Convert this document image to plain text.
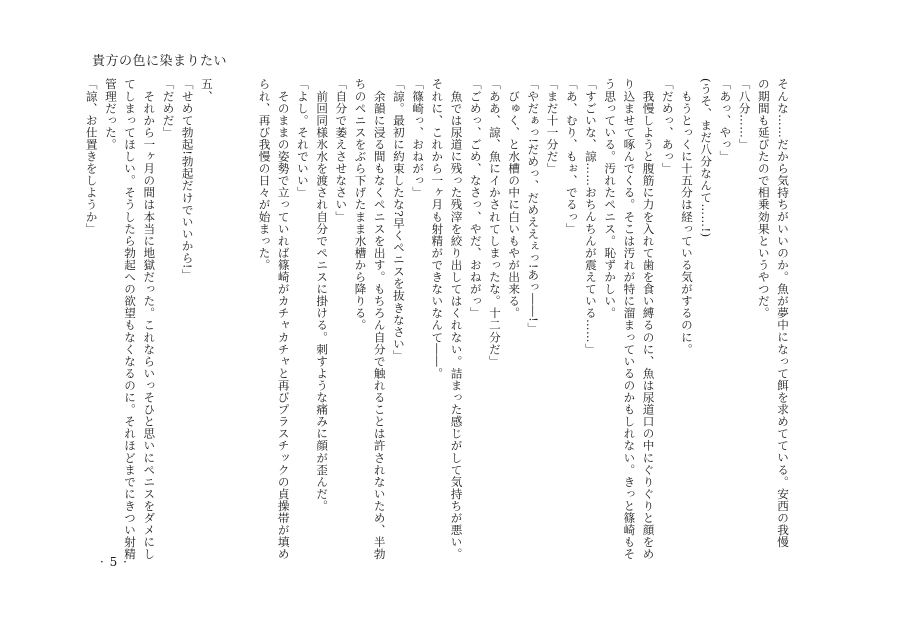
貴方の色に染まりたい
そんな……だから気持ちがいいのか。魚が夢中になって餌を求めてている。安西の我慢
の期間も延びたので相乗効果というやつだ。
「八分……」
「あっ、やっ」
(うそ、まだ八分なんて……!)
　もうとっくに十五分は経っている気がするのに。
「だめっ、あっ」
　我慢しようと腹筋に力を入れて歯を食い縛るのに、魚は尿道口の中にぐりぐりと顔をめ
り込ませて啄んでくる。そこは汚れが特に溜まっているのかもしれない。きっと篠崎もそ
う思っている。汚れたペニス。恥ずかしい。
「すごいな、諒……おちんちんが震えている……」
「あ、むり、もぉ、でるっ」
「まだ十一分だ」
「やだぁっ!だめっ、だめええぇっ!あっ――!」
　びゅく、と水槽の中に白いもやが出来る。
「ああ、諒、魚にイかされてしまったな。十二分だ」
「ごめっ、ごめ、なさっ、やだ、おねがっ」
　魚では尿道に残った残滓を絞り出してはくれない。詰まった感じがして気持ちが悪い。
それに、これから一ヶ月も射精ができないなんて――。
「篠崎っ、おねがっ」
「諒。最初に約束したな?早くペニスを抜きなさい」
　余韻に浸る間もなくペニスを出す。もちろん自分で触れることは許されないため、半勃
ちのペニスをぶら下げたまま水槽から降りる。
「自分で萎えさせなさい」
　前回同様氷水を渡され自分でペニスに掛ける。刺すような痛みに顔が歪んだ。
「よし。それでいい」
　そのままの姿勢で立っていれば篠崎がカチャカチャと再びプラスチックの貞操帯が填め
られ、再び我慢の日々が始まった。

五、
「せめて勃起!勃起だけでいいから!」
「だめだ」
　それから一ヶ月の間は本当に地獄だった。これならいっそひと思いにペニスをダメにし
てしまってほしい。そうしたら勃起への欲望もなくなるのに。それほどまでにきつい射精
管理だった。
「諒、お仕置きをしようか」
· 5 ·
